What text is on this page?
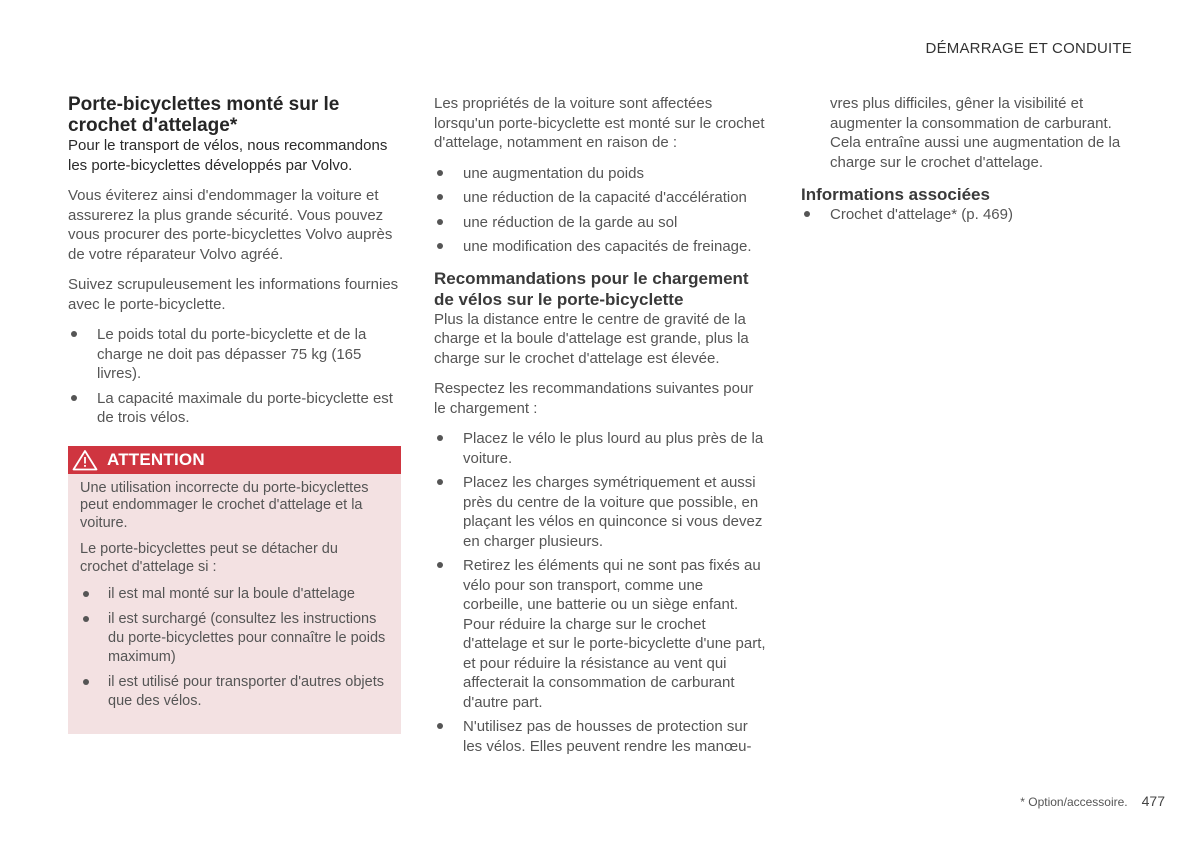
DÉMARRAGE ET CONDUITE
Porte-bicyclettes monté sur le
crochet d'attelage*

Pour le transport de vélos, nous recommandons les porte-bicyclettes développés par Volvo.

Vous éviterez ainsi d'endommager la voiture et assurerez la plus grande sécurité. Vous pouvez vous procurer des porte-bicyclettes Volvo auprès de votre réparateur Volvo agréé.

Suivez scrupuleusement les informations fournies avec le porte-bicyclette.

Le poids total du porte-bicyclette et de la charge ne doit pas dépasser 75 kg (165 livres).
La capacité maximale du porte-bicyclette est de trois vélos.
ATTENTION

Une utilisation incorrecte du porte-bicyclettes peut endommager le crochet d'attelage et la voiture.

Le porte-bicyclettes peut se détacher du crochet d'attelage si :

il est mal monté sur la boule d'attelage
il est surchargé (consultez les instructions du porte-bicyclettes pour connaître le poids maximum)
il est utilisé pour transporter d'autres objets que des vélos.

Les propriétés de la voiture sont affectées lorsqu'un porte-bicyclette est monté sur le crochet d'attelage, notamment en raison de :

une augmentation du poids
une réduction de la capacité d'accélération
une réduction de la garde au sol
une modification des capacités de freinage.
Recommandations pour le chargement de vélos sur le porte-bicyclette

Plus la distance entre le centre de gravité de la charge et la boule d'attelage est grande, plus la charge sur le crochet d'attelage est élevée.

Respectez les recommandations suivantes pour le chargement :

Placez le vélo le plus lourd au plus près de la voiture.
Placez les charges symétriquement et aussi près du centre de la voiture que possible, en plaçant les vélos en quinconce si vous devez en charger plusieurs.
Retirez les éléments qui ne sont pas fixés au vélo pour son transport, comme une corbeille, une batterie ou un siège enfant. Pour réduire la charge sur le crochet d'attelage et sur le porte-bicyclette d'une part, et pour réduire la résistance au vent qui affecterait la consommation de carburant d'autre part.
N'utilisez pas de housses de protection sur les vélos. Elles peuvent rendre les manœu-

vres plus difficiles, gêner la visibilité et augmenter la consommation de carburant. Cela entraîne aussi une augmentation de la charge sur le crochet d'attelage.

Informations associées
Crochet d'attelage* (p. 469)
* Option/accessoire. 477
